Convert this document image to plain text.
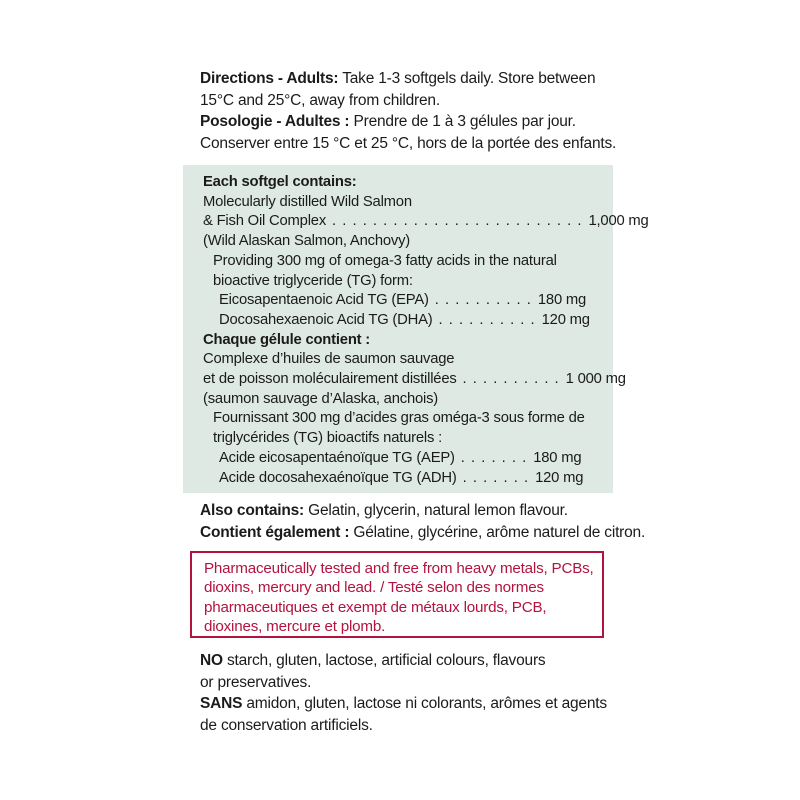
Directions - Adults: Take 1-3 softgels daily. Store between
15°C and 25°C, away from children.
Posologie - Adultes : Prendre de 1 à 3 gélules par jour.
Conserver entre 15 °C et 25 °C, hors de la portée des enfants.
Each softgel contains:
Molecularly distilled Wild Salmon
& Fish Oil Complex . . . . . . . . . . . . . . . . . . . . . . . . . 1,000 mg
(Wild Alaskan Salmon, Anchovy)
Providing 300 mg of omega-3 fatty acids in the natural
bioactive triglyceride (TG) form:
Eicosapentaenoic Acid TG (EPA) . . . . . . . . . . 180 mg
Docosahexaenoic Acid TG (DHA) . . . . . . . . . . 120 mg
Chaque gélule contient :
Complexe d’huiles de saumon sauvage
et de poisson moléculairement distillées . . . . . . . . . . 1 000 mg
(saumon sauvage d’Alaska, anchois)
Fournissant 300 mg d’acides gras oméga-3 sous forme de
triglycérides (TG) bioactifs naturels :
Acide eicosapentaénoïque TG (AEP) . . . . . . . 180 mg
Acide docosahexaénoïque TG (ADH) . . . . . . . 120 mg
Also contains: Gelatin, glycerin, natural lemon flavour.
Contient également : Gélatine, glycérine, arôme naturel de citron.
Pharmaceutically tested and free from heavy metals, PCBs,
dioxins, mercury and lead. / Testé selon des normes
pharmaceutiques et exempt de métaux lourds, PCB,
dioxines, mercure et plomb.
NO starch, gluten, lactose, artificial colours, flavours
or preservatives.
SANS amidon, gluten, lactose ni colorants, arômes et agents
de conservation artificiels.
